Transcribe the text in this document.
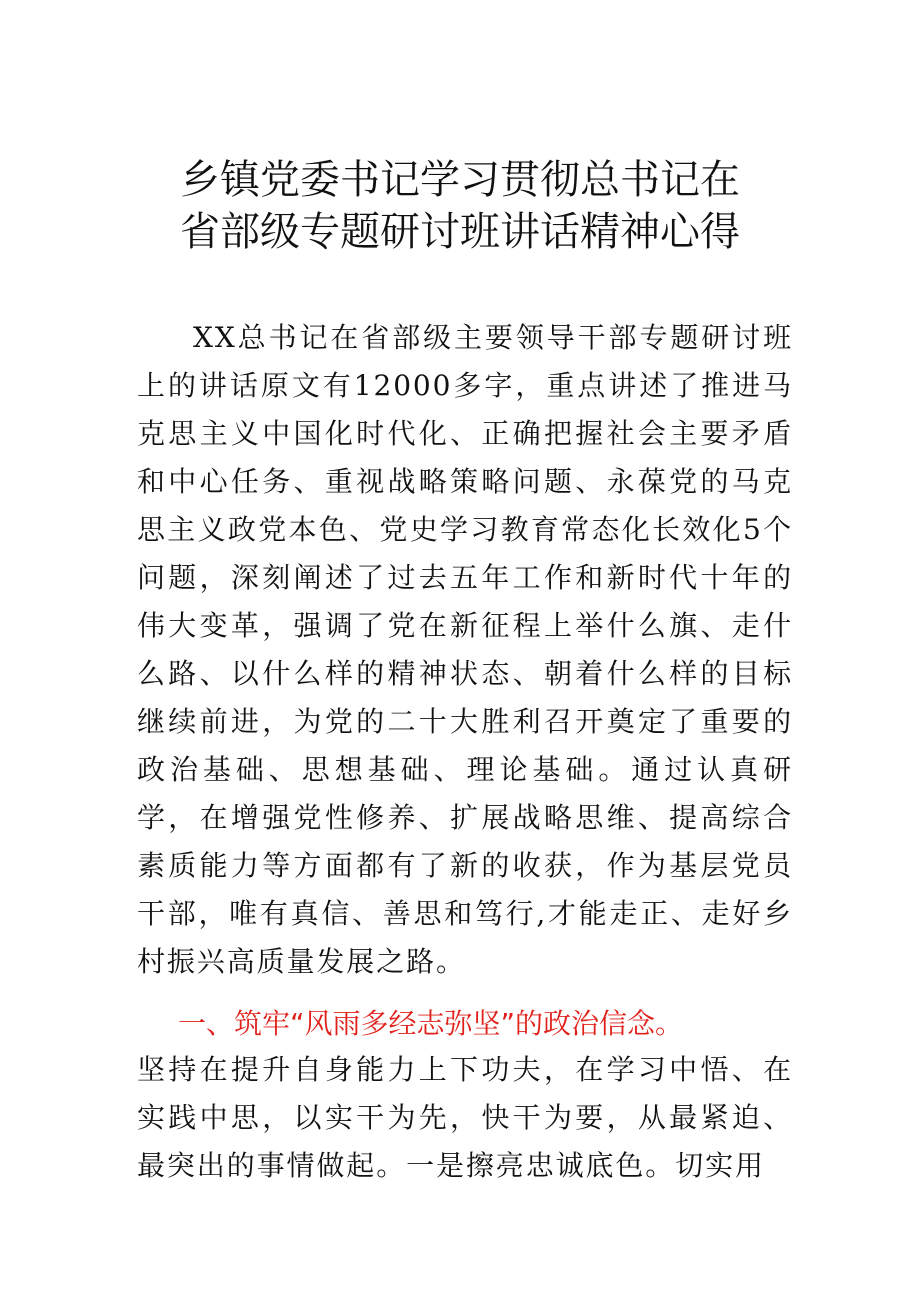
乡镇党委书记学习贯彻总书记在
省部级专题研讨班讲话精神心得

XX总书记在省部级主要领导干部专题研讨班上的讲话原文有12000多字，重点讲述了推进马克思主义中国化时代化、正确把握社会主要矛盾和中心任务、重视战略策略问题、永葆党的马克思主义政党本色、党史学习教育常态化长效化5个问题，深刻阐述了过去五年工作和新时代十年的伟大变革，强调了党在新征程上举什么旗、走什么路、以什么样的精神状态、朝着什么样的目标继续前进，为党的二十大胜利召开奠定了重要的政治基础、思想基础、理论基础。通过认真研学，在增强党性修养、扩展战略思维、提高综合素质能力等方面都有了新的收获，作为基层党员干部，唯有真信、善思和笃行,才能走正、走好乡村振兴高质量发展之路。

一、筑牢“风雨多经志弥坚”的政治信念。

坚持在提升自身能力上下功夫，在学习中悟、在实践中思，以实干为先，快干为要，从最紧迫、最突出的事情做起。一是擦亮忠诚底色。切实用
